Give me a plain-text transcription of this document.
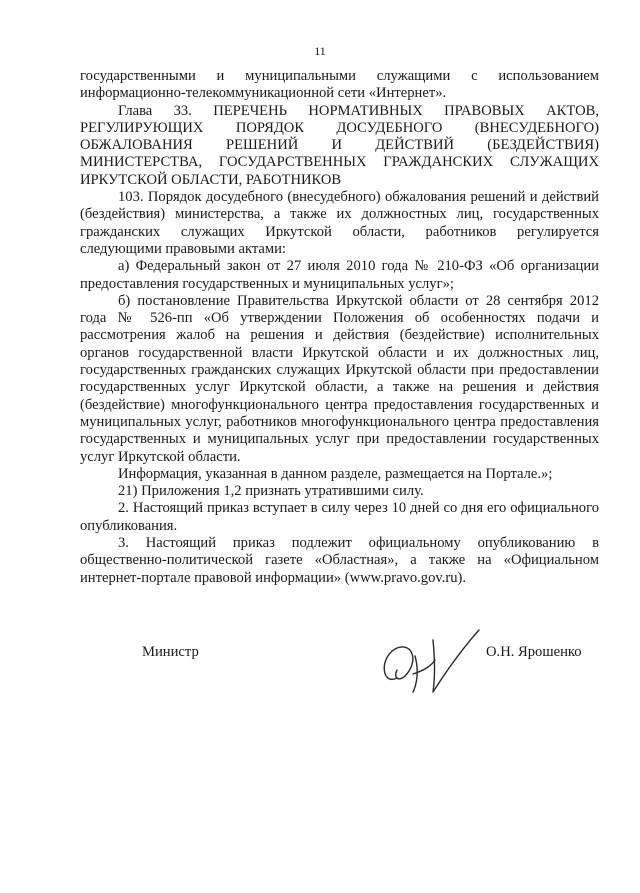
11

государственными и муниципальными служащими с использованием информационно-телекоммуникационной сети «Интернет».

Глава 33. ПЕРЕЧЕНЬ НОРМАТИВНЫХ ПРАВОВЫХ АКТОВ, РЕГУЛИРУЮЩИХ ПОРЯДОК ДОСУДЕБНОГО (ВНЕСУДЕБНОГО) ОБЖАЛОВАНИЯ РЕШЕНИЙ И ДЕЙСТВИЙ (БЕЗДЕЙСТВИЯ) МИНИСТЕРСТВА, ГОСУДАРСТВЕННЫХ ГРАЖДАНСКИХ СЛУЖАЩИХ ИРКУТСКОЙ ОБЛАСТИ, РАБОТНИКОВ

103. Порядок досудебного (внесудебного) обжалования решений и действий (бездействия) министерства, а также их должностных лиц, государственных гражданских служащих Иркутской области, работников регулируется следующими правовыми актами:

а) Федеральный закон от 27 июля 2010 года № 210-ФЗ «Об организации предоставления государственных и муниципальных услуг»;

б) постановление Правительства Иркутской области от 28 сентября 2012 года № 526-пп «Об утверждении Положения об особенностях подачи и рассмотрения жалоб на решения и действия (бездействие) исполнительных органов государственной власти Иркутской области и их должностных лиц, государственных гражданских служащих Иркутской области при предоставлении государственных услуг Иркутской области, а также на решения и действия (бездействие) многофункционального центра предоставления государственных и муниципальных услуг, работников многофункционального центра предоставления государственных и муниципальных услуг при предоставлении государственных услуг Иркутской области.

Информация, указанная в данном разделе, размещается на Портале.»;

21) Приложения 1,2 признать утратившими силу.

2. Настоящий приказ вступает в силу через 10 дней со дня его официального опубликования.

3. Настоящий приказ подлежит официальному опубликованию в общественно-политической газете «Областная», а также на «Официальном интернет-портале правовой информации» (www.pravo.gov.ru).

Министр	О.Н. Ярошенко
